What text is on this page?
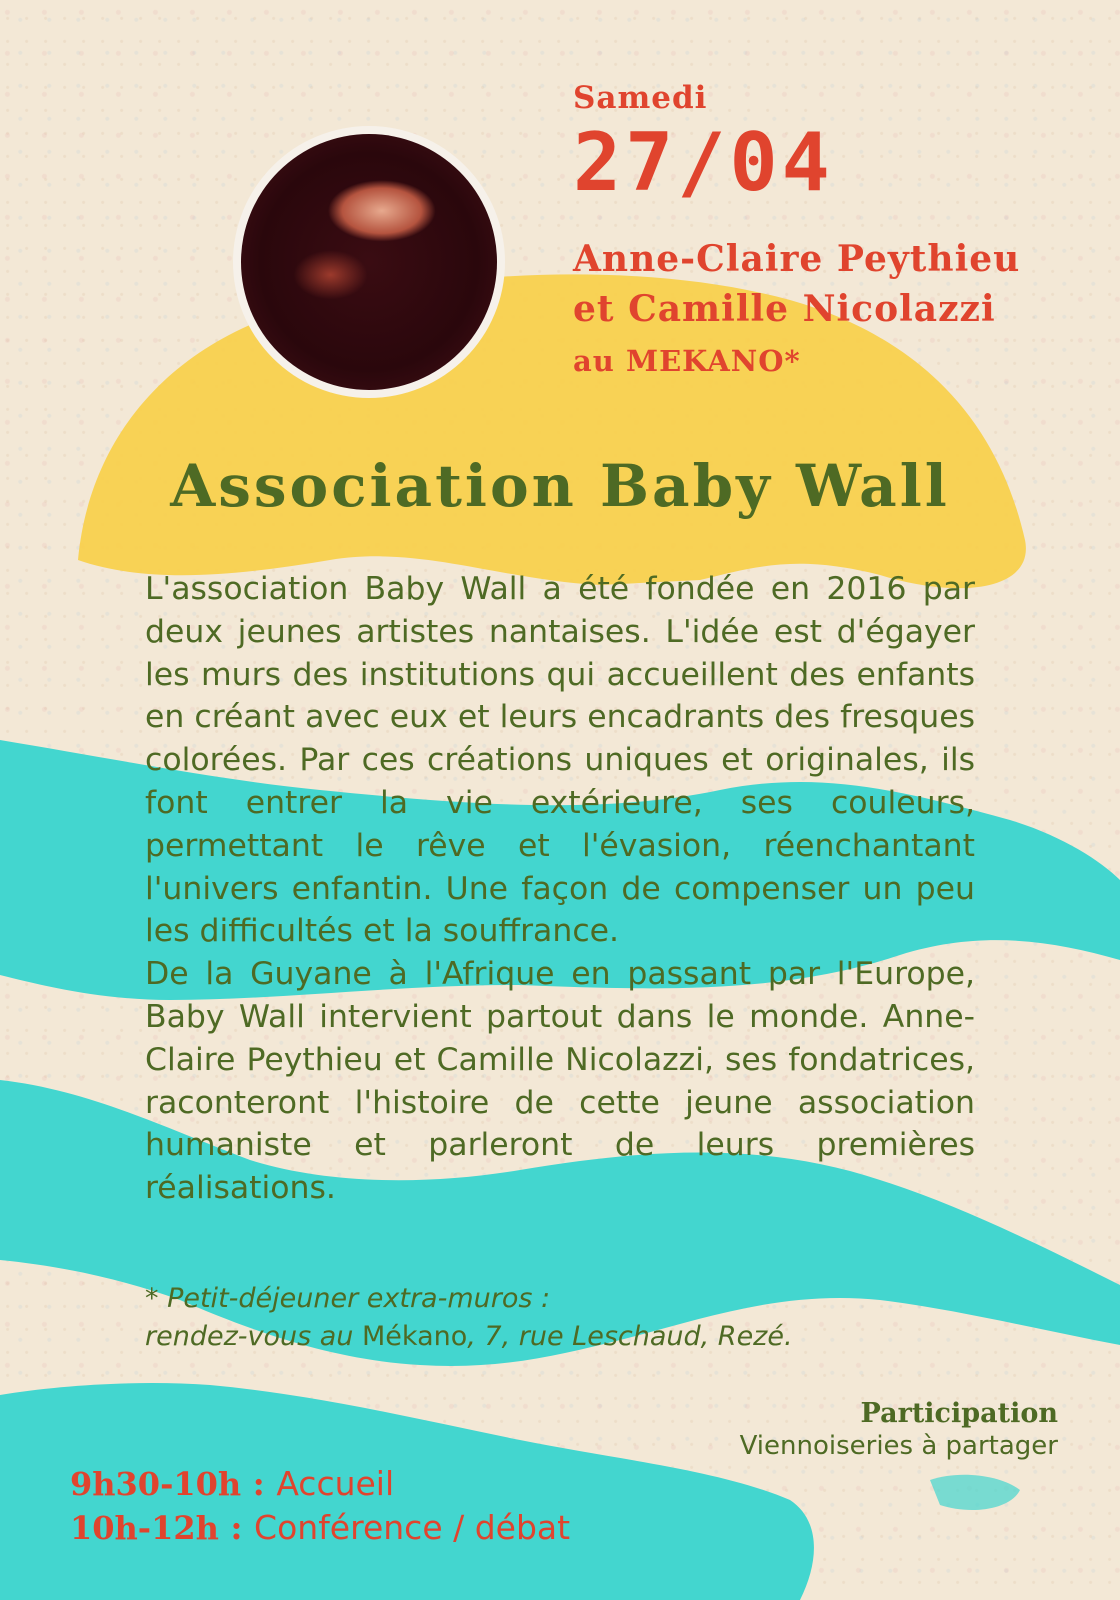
Samedi
27/04
Anne-Claire Peythieu
et Camille Nicolazzi
au MEKANO*
Association Baby Wall

L'association Baby Wall a été fondée en 2016 par deux jeunes artistes nantaises. L'idée est d'égayer les murs des institutions qui accueillent des enfants en créant avec eux et leurs encadrants des fresques colorées. Par ces créations uniques et originales, ils font entrer la vie extérieure, ses couleurs, permettant le rêve et l'évasion, réenchantant l'univers enfantin. Une façon de compenser un peu les difficultés et la souffrance.

De la Guyane à l'Afrique en passant par l'Europe, Baby Wall intervient partout dans le monde. Anne-Claire Peythieu et Camille Nicolazzi, ses fondatrices, raconteront l'histoire de cette jeune association humaniste et parleront de leurs premières réalisations.

* Petit-déjeuner extra-muros :
rendez-vous au Mékano, 7, rue Leschaud, Rezé.
Participation
Viennoiseries à partager
9h30-10h : Accueil
10h-12h : Conférence / débat
